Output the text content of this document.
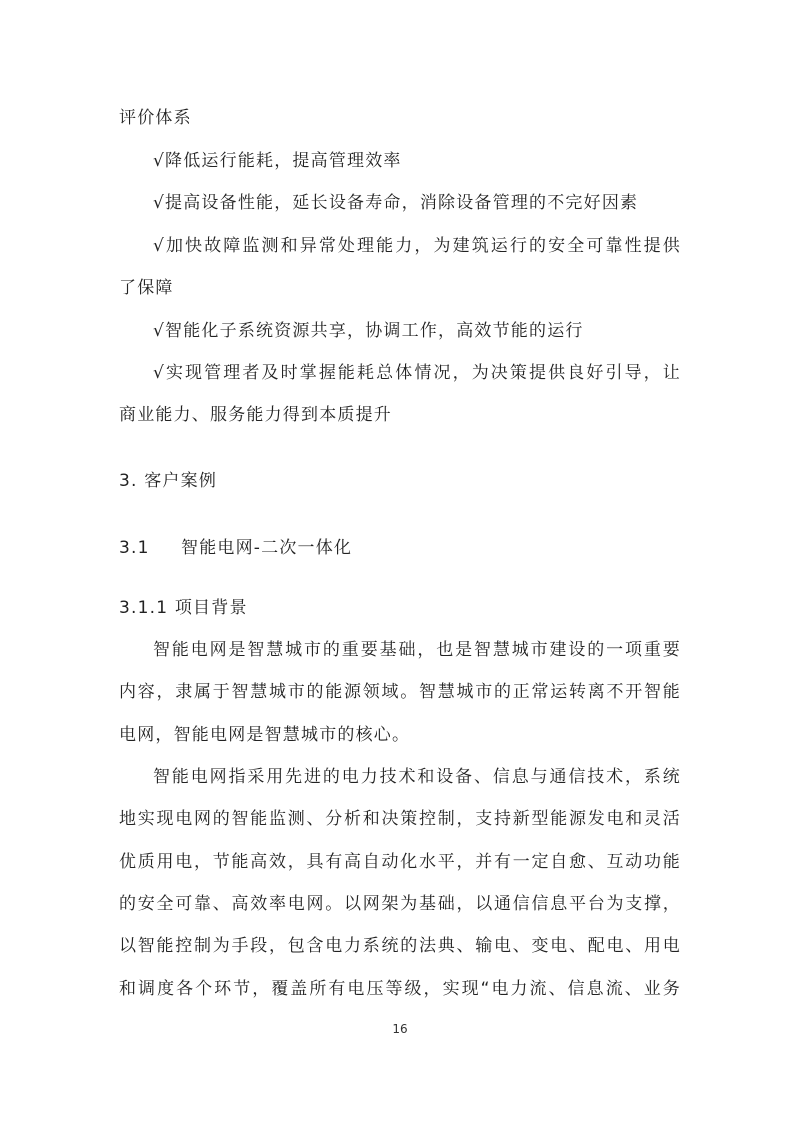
评价体系
√降低运行能耗，提高管理效率
√提高设备性能，延长设备寿命，消除设备管理的不完好因素
√加快故障监测和异常处理能力，为建筑运行的安全可靠性提供
了保障
√智能化子系统资源共享，协调工作，高效节能的运行
√实现管理者及时掌握能耗总体情况，为决策提供良好引导，让
商业能力、服务能力得到本质提升
3. 客户案例
3.1 智能电网-二次一体化
3.1.1 项目背景
智能电网是智慧城市的重要基础，也是智慧城市建设的一项重要
内容，隶属于智慧城市的能源领域。智慧城市的正常运转离不开智能
电网，智能电网是智慧城市的核心。
智能电网指采用先进的电力技术和设备、信息与通信技术，系统
地实现电网的智能监测、分析和决策控制，支持新型能源发电和灵活
优质用电，节能高效，具有高自动化水平，并有一定自愈、互动功能
的安全可靠、高效率电网。以网架为基础，以通信信息平台为支撑，
以智能控制为手段，包含电力系统的法典、输电、变电、配电、用电
和调度各个环节，覆盖所有电压等级，实现“电力流、信息流、业务
16
